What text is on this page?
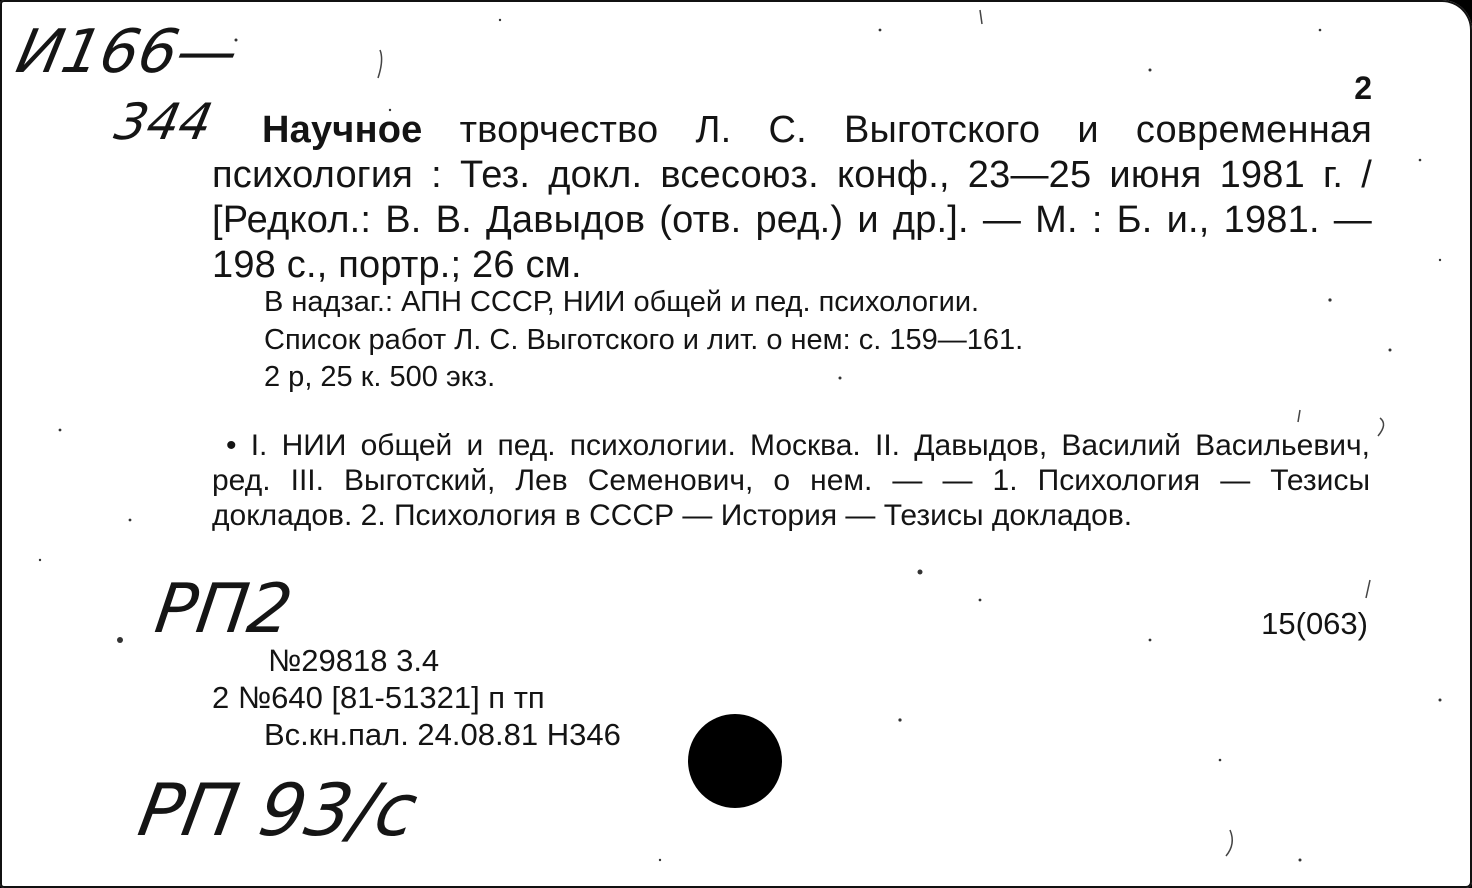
И166—
344
2
Научное творчество Л. С. Выготского и современная психология : Тез. докл. всесоюз. конф., 23—25 июня 1981 г. / [Редкол.: В. В. Давыдов (отв. ред.) и др.]. — М. : Б. и., 1981. — 198 с., портр.; 26 см.
В надзаг.: АПН СССР, НИИ общей и пед. психологии.
Список работ Л. С. Выготского и лит. о нем: с. 159—161.
2 р, 25 к. 500 экз.
• I. НИИ общей и пед. психологии. Москва. II. Давыдов, Василий Васильевич, ред. III. Выготский, Лев Семенович, о нем. — — 1. Психология — Тезисы докладов. 2. Психология в СССР — История — Тезисы докладов.
РП2	15(063)
№29818 3.4
2 №640 [81-51321] п тп
Вс.кн.пал. 24.08.81 Н346
РП 93/с
